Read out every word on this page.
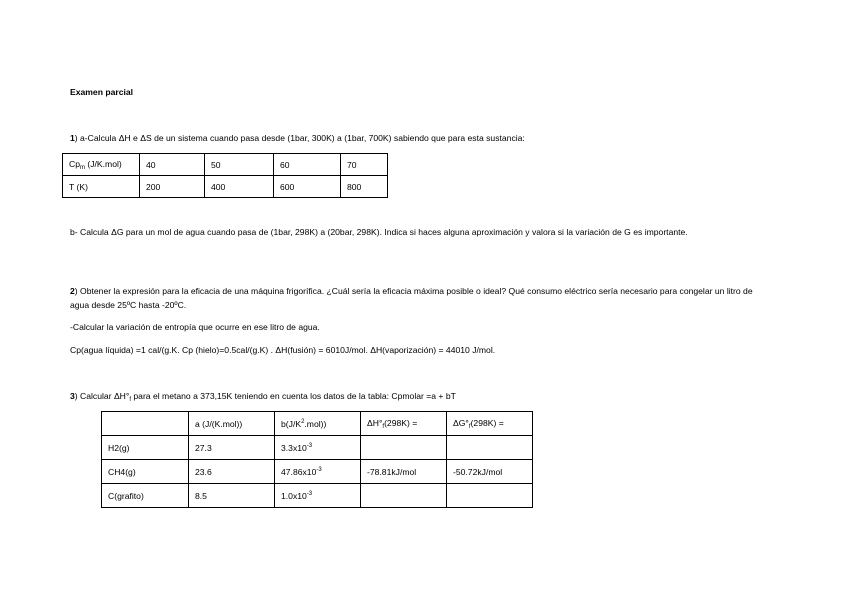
Examen parcial
1) a-Calcula ΔH e ΔS de un sistema cuando pasa desde (1bar, 300K) a (1bar, 700K) sabiendo que para esta sustancia:
$Cp_m$ (J/K.mol)	40	50	60	70
T (K)	200	400	600	800
b- Calcula ΔG para un mol de agua cuando pasa de (1bar, 298K) a (20bar, 298K). Indica si haces alguna aproximación y valora si la variación de G es importante.
2) Obtener la expresión para la eficacia de una máquina frigorífica. ¿Cuál sería la eficacia máxima posible o ideal? Qué consumo eléctrico sería necesario para congelar un litro de agua desde 25ºC hasta -20ºC.
-Calcular la variación de entropía que ocurre en ese litro de agua.
Cp(agua líquida) =1 cal/(g.K. Cp (hielo)=0.5cal/(g.K) . ΔH(fusión) = 6010J/mol. ΔH(vaporización) = 44010 J/mol.
3) Calcular $\Delta H^\circ_f$ para el metano a 373,15K teniendo en cuenta los datos de la tabla: Cpmolar =a + bT
	a (J/(K.mol))	$b(J/K^2.mol)$)	$\Delta H^\circ_f(298K)$ =	$\Delta G^\circ_f(298K)$ =
H2(g)	27.3	$3.3x10^{-3}$		
CH4(g)	23.6	$47.86x10^{-3}$	-78.81kJ/mol	-50.72kJ/mol
C(grafito)	8.5	$1.0x10^{-3}$		
